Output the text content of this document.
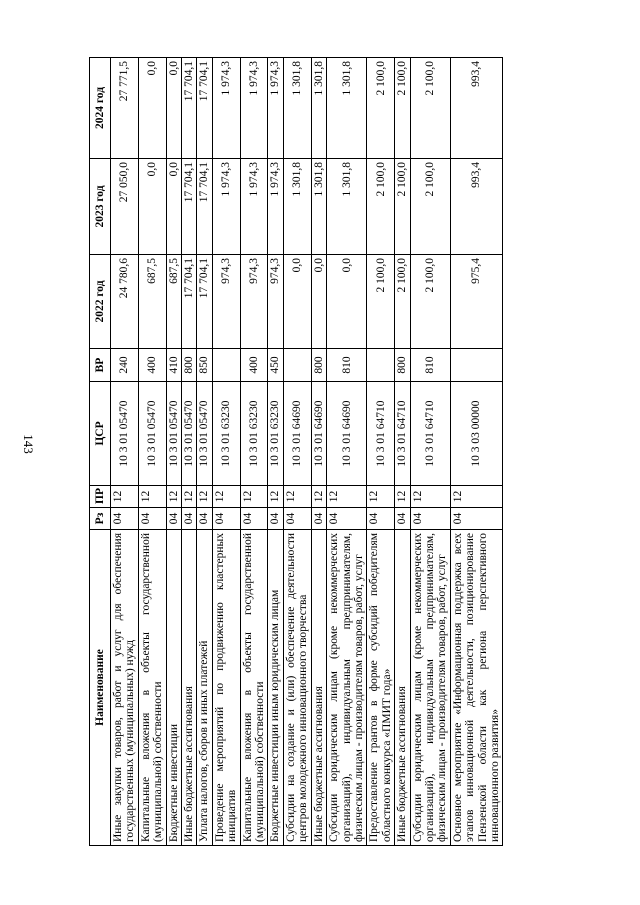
143
Наименование	Рз	ПР	ЦСР	ВР	2022 год	2023 год	2024 год
Иные закупки товаров, работ и услуг для обеспечения государственных (муниципальных) нужд	04	12	10 3 01 05470	240	24 780,6	27 050,0	27 771,5
Капитальные вложения в объекты государственной (муниципальной) собственности	04	12	10 3 01 05470	400	687,5	0,0	0,0
Бюджетные инвестиции	04	12	10 3 01 05470	410	687,5	0,0	0,0
Иные бюджетные ассигнования	04	12	10 3 01 05470	800	17 704,1	17 704,1	17 704,1
Уплата налогов, сборов и иных платежей	04	12	10 3 01 05470	850	17 704,1	17 704,1	17 704,1
Проведение мероприятий по продвижению кластерных инициатив	04	12	10 3 01 63230		974,3	1 974,3	1 974,3
Капитальные вложения в объекты государственной (муниципальной) собственности	04	12	10 3 01 63230	400	974,3	1 974,3	1 974,3
Бюджетные инвестиции иным юридическим лицам	04	12	10 3 01 63230	450	974,3	1 974,3	1 974,3
Субсидии на создание и (или) обеспечение деятельности центров молодежного инновационного творчества	04	12	10 3 01 64690		0,0	1 301,8	1 301,8
Иные бюджетные ассигнования	04	12	10 3 01 64690	800	0,0	1 301,8	1 301,8
Субсидии юридическим лицам (кроме некоммерческих организаций), индивидуальным предпринимателям, физическим лицам - производителям товаров, работ, услуг	04	12	10 3 01 64690	810	0,0	1 301,8	1 301,8
Предоставление грантов в форме субсидий победителям областного конкурса «ПМИТ года»	04	12	10 3 01 64710		2 100,0	2 100,0	2 100,0
Иные бюджетные ассигнования	04	12	10 3 01 64710	800	2 100,0	2 100,0	2 100,0
Субсидии юридическим лицам (кроме некоммерческих организаций), индивидуальным предпринимателям, физическим лицам - производителям товаров, работ, услуг	04	12	10 3 01 64710	810	2 100,0	2 100,0	2 100,0
Основное мероприятие «Информационная поддержка всех этапов инновационной деятельности, позиционирование Пензенской области как региона перспективного инновационного развития»	04	12	10 3 03 00000		975,4	993,4	993,4
